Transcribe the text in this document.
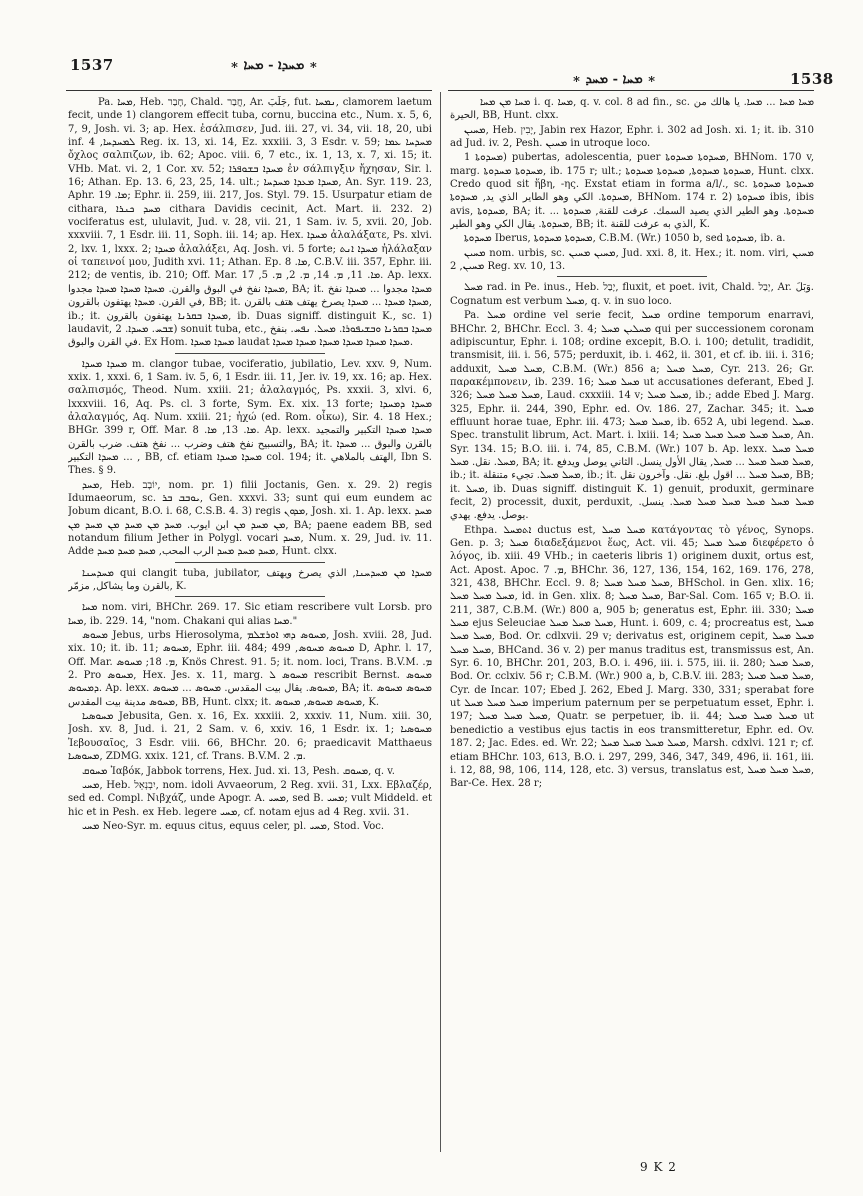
1537	∗ ܡܚܕܐ - ܡܚܐ ∗
∗ ܡܚܐ - ܡܚܕ ∗	1538

Pa. ܡܚܐ, Heb. חָבַר, Chald. חֲבַר, Ar. جَلَبَ, fut. ܢܡܚܐ, clamorem laetum fecit, unde 1) clangorem effecit tuba, cornu, buccina etc., Num. x. 5, 6, 7, 9, Josh. vi. 3; ap. Hex. ἐσάλπισεν, Jud. iii. 27, vi. 34, vii. 18, 20, ubi inf. ܠܡܚܕܚܐ, 4 Reg. ix. 13, xi. 14, Ez. xxxiii. 3, 3 Esdr. v. 59; ܡܚܕܚܐ ܥܡܐ ὄχλος σαλπιζων, ib. 62; Apoc. viii. 6, 7 etc., ix. 1, 13, x. 7, xi. 15; it. VHb. Mat. vi. 2, 1 Cor. xv. 52; ܡܚܕܐ ܒܫܘܦܪܐ ἐν σάλπιγξιν ἤχησαν, Sir. l. 16; Athan. Ep. 13. 6, 23, 25, 14. ult.; ܡܚܕܐ ܡܥܕܐ ܡܚܕܚܐ, An. Syr. 119. 23, Aphr. ܡܐ. 19; Ephr. ii. 259, iii. 217, Jos. Styl. 79. 15. Usurpatur etiam de cithara, ܡܚܕ ܟܢܪܐ cithara Davidis cecinit, Act. Mart. ii. 232. 2) vociferatus est, ululavit, Jud. v. 28, vii. 21, 1 Sam. iv. 5, xvii. 20, Job. xxxviii. 7, 1 Esdr. iii. 11, Soph. iii. 14; ap. Hex. ܡܚܕܐ ἀλαλάξατε, Ps. xlvi. 2, lxv. 1, lxxx. 2; ܡܚܕܐ ἀλαλάξει, Aq. Josh. vi. 5 forte; ܡܚܕܐ ܐܢܬ ἠλάλαξαν οἱ ταπεινοί μου, Judith xvi. 11; Athan. Ep. ܡܐ. 8, C.B.V. iii. 357, Ephr. iii. 212; de ventis, ib. 210; Off. Mar. ܡܐ. 11, ܡ. 14, ܡ. 2, ܡ. 5, 17. Ap. lexx. ܡܚܕܐ نفخ في البوق والقرن. ܡܚܕܐ ܡܚܕܐ ܡܚܕܐ مجدوا, BA; it. ܡܚܕܐ مجدوا ... ܡܚܕܐ نفخ في القرن. ܡܚܕܐ يهتفون بالقرون, BB; it. ܡܚܕܐ ܡܚܕܐ ... ܡܚܕܐ يصرخ يهتف هتف بالقرن, ib.; it. ܡܚܕܐ ܒܩܪܢܐ يهتفون بالقرون, ib. Duas signiff. distinguit K., sc. 1) laudavit, ܫܒܚ. ܡܚܕܐ. 2) sonuit tuba, etc., ܡܚܕܐ ܒܩܪܢܐ ܘܒܫܝܦܘܪܐ. ܡܚܠ. ܢܦܚ. بنفخ في القرن والبوق. Ex Hom. ܡܚܕܐ ܡܚܕܐ laudat ܡܚܕܐ ܡܚܕܐ ܡܚܕܐ ܡܚܕܐ ܡܚܕܐ ܡܚܕܐ.

ܡܚܕܐ ܡܚܕܐ m. clangor tubae, vociferatio, jubilatio, Lev. xxv. 9, Num. xxix. 1, xxxi. 6, 1 Sam. iv. 5, 6, 1 Esdr. iii. 11, Jer. iv. 19, xx. 16; ap. Hex. σαλπισμός, Theod. Num. xxiii. 21; ἀλαλαγμός, Ps. xxxii. 3, xlvi. 6, lxxxviii. 16, Aq. Ps. cl. 3 forte, Sym. Ex. xix. 13 forte; ܡܚܕܐ ܕܡܚܕܐ ἀλαλαγμός, Aq. Num. xxiii. 21; ἠχώ (ed. Rom. οἶκω), Sir. 4. 18 Hex.; BHGr. 399 r, Off. Mar. ܡܐ. 13, ܡܐ. 8. Ap. lexx. ܡܚܕܐ ܡܚܕܐ التكبير والتمجيد والتسبيح نفخ هتف وضرب ... نفخ هتف. ضرب بالقرن, BA; it. بالقرن والبوق ... ܡܚܕܐ ܡܚܕܐ التكبير ... , BB, cf. etiam ܡܚܕܐ ܡܚܕܐ col. 194; it. الهتف بالملاهي, Ibn S. Thes. § 9.

ܡܚܕ, Heb. יוֹבָב, nom. pr. 1) filii Joctanis, Gen. x. 29. 2) regis Idumaeorum, sc. ܝܘܒܒ ܒܪ, Gen. xxxvi. 33; sunt qui eum eundem ac Jobum dicant, B.O. i. 68, C.S.B. 4. 3) regis ܡܕܘܢ, Josh. xi. 1. Ap. lexx. ܡܚܕ ܡܢ ܡܚܕ ܡܢ ابن ايوب. ܡܚܕ ܡܢ ܡܚܕ ܡܢ ܡܚܕ ܡܢ, BA; paene eadem BB, sed notandum filium Jether in Polygl. vocari ܡܚܕ, Num. x. 29, Jud. iv. 11. Adde ܡܚܕ ܡܚܕ ܡܚܕ الرب المحب, ܡܚܕ ܡܚܕ ܡܚܕ, Hunt. clxx.

ܡܚܕܚܢܐ qui clangit tuba, jubilator, ܡܚܕܐ ܡܢ ܡܚܕܚܢܐ, الذي يصرخ ويهتف بالقرن وما يشاكل, مزمّر, K.

ܡܚܐ nom. viri, BHChr. 269. 17. Sic etiam rescribere vult Lorsb. pro ܡܚܐ, ib. 229. 14, "nom. Chakani qui alias ܡܚܐ."

ܡܚܘܣ Jebus, urbs Hierosolyma, ܡܚܘܣ ܕܗܝ ܐܘܪܫܠܡ, Josh. xviii. 28, Jud. xix. 10; it. ib. 11; ܡܚܘܣ, Ephr. iii. 484; ܡܚܘܣ ܡܚܘܣ, 499 D, Aphr. l. 17, Off. Mar. ܡ. 18; ܡܚܘܣ, Knös Chrest. 91. 5; it. nom. loci, Trans. B.V.M. ܡ. 2. Pro ܡܚܘܣ, Hex. Jes. x. 11, marg. ܡܚܘܣ ܠ rescribit Bernst. ܡܚܘܣ ܕܡܚܘܣ. Ap. lexx. ܡܚܘܣ. يقال بيت المقدس. ܡܚܘܣ ... ܡܚܘܣ, BA; it. ܡܚܘܣ ܡܚܘܣ ܡܚܘܣ مدينة بيت المقدس, BB, Hunt. clxx; it. ܡܚܘܣ ܡܚܘܣ, ܡܚܘܣ, K.

ܡܚܘܣܝܐ Jebusita, Gen. x. 16, Ex. xxxiii. 2, xxxiv. 11, Num. xiii. 30, Josh. xv. 8, Jud. i. 21, 2 Sam. v. 6, xxiv. 16, 1 Esdr. ix. 1; ܡܚܘܣܝܐ Ἰεβουσαῖος, 3 Esdr. viii. 66, BHChr. 20. 6; praedicavit Matthaeus ܡܚܘܣܝܐ, ZDMG. xxix. 121, cf. Trans. B.V.M. ܡ. 2.

ܡܚܘܩ Ἰαβόκ, Jabbok torrens, Hex. Jud. xi. 13, Pesh. ܡܚܘܩ, q. v.

ܡܚܝ, Heb. יִבְנְאֵל, nom. idoli Avvaeorum, 2 Reg. xvii. 31, Lxx. Εβλαζέρ, sed ed. Compl. Νιβχάζ, unde Apogr. A. ܡܚܝ, sed B. ܡܚܝ; vult Middeld. et hic et in Pesh. ex Heb. legere ܡܚܝ, cf. notam ejus ad 4 Reg. xvii. 31.

ܡܚܝ Neo-Syr. m. equus citus, equus celer, pl. ܡܚܝ, Stod. Voc.

ܡܚܐ ܡܢ ܡܚܐ i. q. ܡܚܐ, q. v. col. 8 ad fin., sc. ܡܚܐ ܡܚܐ ... ܡܚܐ. يا هالك من الحيرة, BB, Hunt. clxx.

ܡܚܝܢ, Heb. יָבִין, Jabin rex Hazor, Ephr. i. 302 ad Josh. xi. 1; it. ib. 310 ad Jud. iv. 2, Pesh. ܡܚܝܢ in utroque loco.

ܡܚܕܘܬܐ 1) pubertas, adolescentia, puer ܡܚܕܘܬܐ ܡܚܕܘܬܐ, BHNom. 170 v, marg. ܡܚܕܘܬܐ ܡܚܕܘܬܐ, ib. 175 r; ult.; ܡܚܕܘܬܐ ܡܚܕܘܬܐ, ܡܚܕܘܬܐ ܡܚܕܘܬܐ, Hunt. clxx. Credo quod sit ἥβη, -ης. Exstat etiam in forma a/l/., sc. ܡܚܕܘܬܐ ܡܚܕܘܬܐ ܡܚܕܘܬܐ. الكي وهو الطاير الذي يد, ܡܚܕܘܬܐ, BHNom. 174 r. 2) ܡܚܕܘܬܐ ibis, ibis avis, ܡܚܕܘܬܐ, BA; it. ܡܚܕܘܬܐ. وهو الطير الذي يصيد السمك. عرفت للقنة, ܡܚܕܘܬܐ ... ܡܚܕܘܬܐ. يقال الكي وهو الطير, BB; it. الذي به عرفت للقنة, K.

ܡܚܕܘܬܐ Iberus, ܡܚܕܘܬܐ ܡܚܕܘܬܐ, C.B.M. (Wr.) 1050 b, sed ܡܚܕܘܬܐ, ib. a.

ܡܚܝܢ nom. urbis, sc. ܡܚܝܢ ܡܚܝܢ, Jud. xxi. 8, it. Hex.; it. nom. viri, ܡܚܝܢ ܡܚܝܢ, 2 Reg. xv. 10, 13.

ܡܚܠ rad. in Pe. inus., Heb. יָבַל, fluxit, et poet. ivit, Chald. יְבַל, Ar. وَبَلَ. Cognatum est verbum ܡܚܠ, q. v. in suo loco.

Pa. ܡܚܠ ordine vel serie fecit, ܡܚܠ ordine temporum enarravi, BHChr. 2, BHChr. Eccl. 3. 4; ܡܚܠܝܢ ܡܚܠ qui per successionem coronam adipiscuntur, Ephr. i. 108; ordine excepit, B.O. i. 100; detulit, tradidit, transmisit, iii. i. 56, 575; perduxit, ib. i. 462, ii. 301, et cf. ib. iii. i. 316; adduxit, ܡܚܠ ܡܚܠ, C.B.M. (Wr.) 856 a; ܡܚܠ ܡܚܠ, Cyr. 213. 26; Gr. παρακέμπονειν, ib. 239. 16; ܡܚܠ ܡܚܠ ut accusationes deferant, Ebed J. 326; ܡܚܠ ܡܚܠ ܡܚܠ, Laud. cxxxiii. 14 v; ܡܚܠ ܡܚܠ, ib.; adde Ebed J. Marg. 325, Ephr. ii. 244, 390, Ephr. ed. Ov. 186. 27, Zachar. 345; it. ܡܚܠ effluunt horae tuae, Ephr. iii. 473; ܡܚܠ ܡܚܠ, ib. 652 A, ubi legend. ܡܚܠ. Spec. transtulit librum, Act. Mart. i. lxiii. 14; ܡܚܠ ܡܚܠ ܡܚܠ ܡܚܠ ܡܚܠ, An. Syr. 134. 15; B.O. iii. i. 74, 85, C.B.M. (Wr.) 107 b. Ap. lexx. ܡܚܠ ܡܚܠ ܡܚܠ. نقل. ܡܚܠ, BA; it. ܡܚܠ ܡܚܠ ܡܚܠ ... ܡܚܠ, يقال الأول ينسل. الثاني يوصل ويدفع, ib.; it. ܡܚܠ ܡܚܠ. تجيء متنقلة, ib.; it. ܡܚܠ ܡܚܠ ... اقول بلغ. نقل. وآخرون نقل, BB; it. ܡܚܠ, ib. Duas signiff. distinguit K. 1) genuit, produxit, germinare fecit, 2) processit, duxit, perduxit, ܡܚܠ ܡܚܠ ܡܚܠ ܡܚܠ ܡܚܠ ܡܚܠ. ينسل. يوصل. يدفع. يهدي.

Ethpa. ܐܬܡܚܠ ductus est, ܡܚܠ ܡܚܠ κατάγοντας τὸ γένος, Synops. Gen. p. 3; ܡܚܠ διαδεξάμενοι ἕως, Act. vii. 45; ܡܚܠ ܡܚܠ διεφέρετο ὁ λόγος, ib. xiii. 49 VHb.; in caeteris libris 1) originem duxit, ortus est, Act. Apost. Apoc. ܡ. 7, BHChr. 36, 127, 136, 154, 162, 169. 176, 278, 321, 438, BHChr. Eccl. 9. 8; ܡܚܠ ܡܚܠ ܡܚܠ, BHSchol. in Gen. xlix. 16; ܡܚܠ ܡܚܠ ܡܚܠ, id. in Gen. xlix. 8; ܡܚܠ ܡܚܠ, Bar-Sal. Com. 165 v; B.O. ii. 211, 387, C.B.M. (Wr.) 800 a, 905 b; generatus est, Ephr. iii. 330; ܡܚܠ ܡܚܠ ejus Seleuciae ܡܚܠ ܡܚܠ ܡܚܠ, Hunt. i. 609, c. 4; procreatus est, ܡܚܠ ܡܚܠ ܡܚܠ, Bod. Or. cdlxvii. 29 v; derivatus est, originem cepit, ܡܚܠ ܡܚܠ ܡܚܠ ܡܚܠ, BHCand. 36 v. 2) per manus traditus est, transmissus est, An. Syr. 6. 10, BHChr. 201, 203, B.O. i. 496, iii. i. 575, iii. ii. 280; ܡܚܠ ܡܚܠ, Bod. Or. cclxiv. 56 r; C.B.M. (Wr.) 900 a, b, C.B.V. iii. 283; ܡܚܠ ܡܚܠ ܡܚܠ, Cyr. de Incar. 107; Ebed J. 262, Ebed J. Marg. 330, 331; sperabat fore ut ܡܚܠ ܡܚܠ ܡܚܠ imperium paternum per se perpetuatum esset, Ephr. i. 197; ܡܚܠ ܡܚܠ ܡܚܠ, Quatr. se perpetuer, ib. ii. 44; ܡܚܠ ܡܚܠ ܡܚܠ ut benedictio a vestibus ejus tactis in eos transmitteretur, Ephr. ed. Ov. 187. 2; Jac. Edes. ed. Wr. 22; ܡܚܠ ܡܚܠ ܡܚܠ ܡܚܠ, Marsh. cdxlvi. 121 r; cf. etiam BHChr. 103, 613, B.O. i. 297, 299, 346, 347, 349, 496, ii. 161, iii. i. 12, 88, 98, 106, 114, 128, etc. 3) versus, translatus est, ܡܚܠ ܡܚܠ ܡܚܠ, Bar-Ce. Hex. 28 r;

9 K 2
